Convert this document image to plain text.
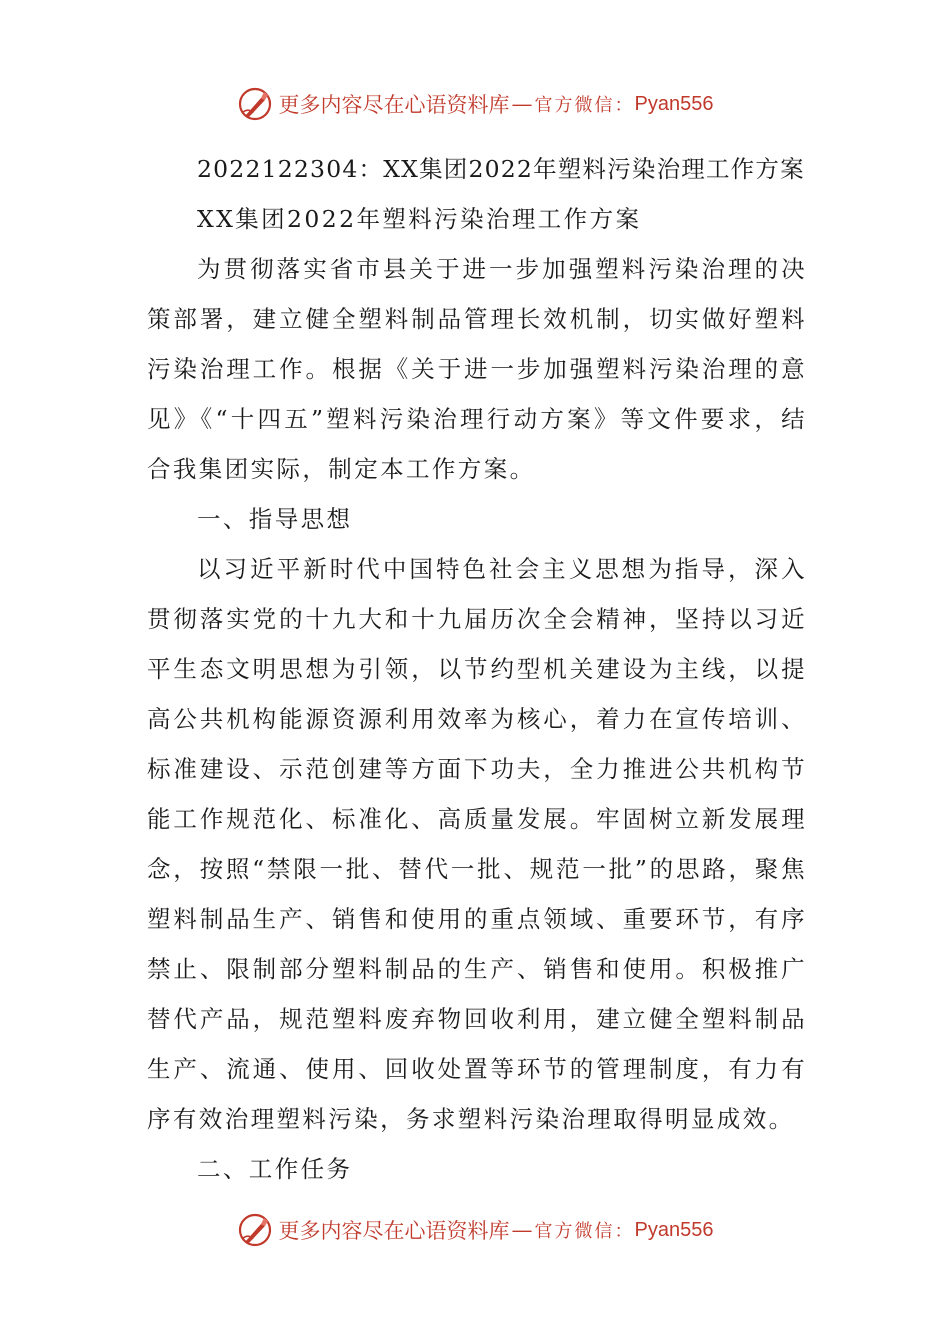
更多内容尽在心语资料库 — 官方微信： Pyan556

2022122304：XX集团2022年塑料污染治理工作方案

XX集团2022年塑料污染治理工作方案

为贯彻落实省市县关于进一步加强塑料污染治理的决策部署，建立健全塑料制品管理长效机制，切实做好塑料污染治理工作。根据《关于进一步加强塑料污染治理的意见》《“十四五”塑料污染治理行动方案》等文件要求，结合我集团实际，制定本工作方案。

一、指导思想

以习近平新时代中国特色社会主义思想为指导，深入贯彻落实党的十九大和十九届历次全会精神，坚持以习近平生态文明思想为引领，以节约型机关建设为主线，以提高公共机构能源资源利用效率为核心，着力在宣传培训、标准建设、示范创建等方面下功夫，全力推进公共机构节能工作规范化、标准化、高质量发展。牢固树立新发展理念，按照“禁限一批、替代一批、规范一批”的思路，聚焦塑料制品生产、销售和使用的重点领域、重要环节，有序禁止、限制部分塑料制品的生产、销售和使用。积极推广替代产品，规范塑料废弃物回收利用，建立健全塑料制品生产、流通、使用、回收处置等环节的管理制度，有力有序有效治理塑料污染，务求塑料污染治理取得明显成效。

二、工作任务

更多内容尽在心语资料库 — 官方微信： Pyan556
